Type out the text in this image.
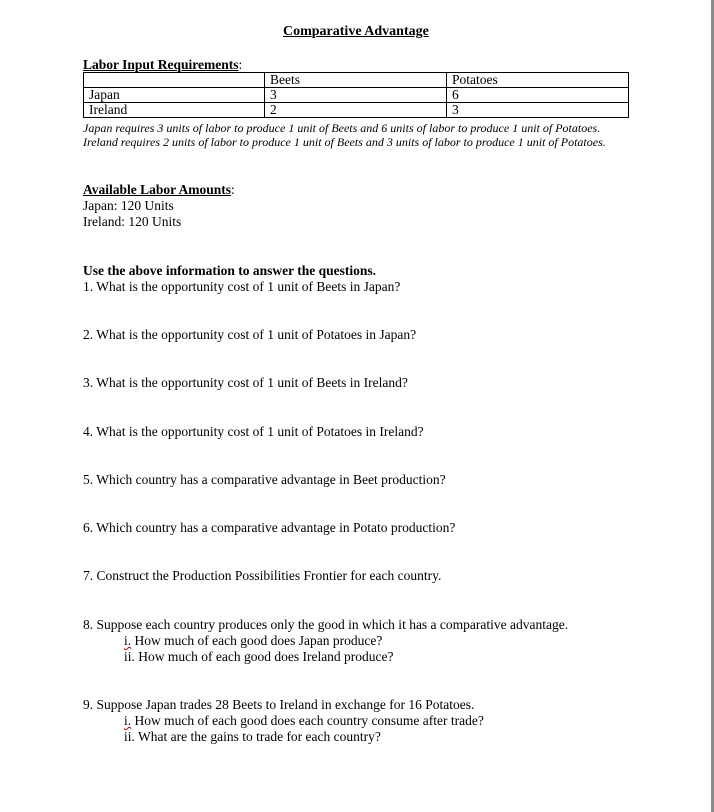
Comparative Advantage
Labor Input Requirements:
	Beets	Potatoes
Japan	3	6
Ireland	2	3
Japan requires 3 units of labor to produce 1 unit of Beets and 6 units of labor to produce 1 unit of Potatoes. Ireland requires 2 units of labor to produce 1 unit of Beets and 3 units of labor to produce 1 unit of Potatoes.
Available Labor Amounts:
Japan: 120 Units
Ireland: 120 Units
Use the above information to answer the questions.
1. What is the opportunity cost of 1 unit of Beets in Japan?
2. What is the opportunity cost of 1 unit of Potatoes in Japan?
3. What is the opportunity cost of 1 unit of Beets in Ireland?
4. What is the opportunity cost of 1 unit of Potatoes in Ireland?
5. Which country has a comparative advantage in Beet production?
6. Which country has a comparative advantage in Potato production?
7. Construct the Production Possibilities Frontier for each country.
8. Suppose each country produces only the good in which it has a comparative advantage.
i. How much of each good does Japan produce?
ii. How much of each good does Ireland produce?
9. Suppose Japan trades 28 Beets to Ireland in exchange for 16 Potatoes.
i. How much of each good does each country consume after trade?
ii. What are the gains to trade for each country?
